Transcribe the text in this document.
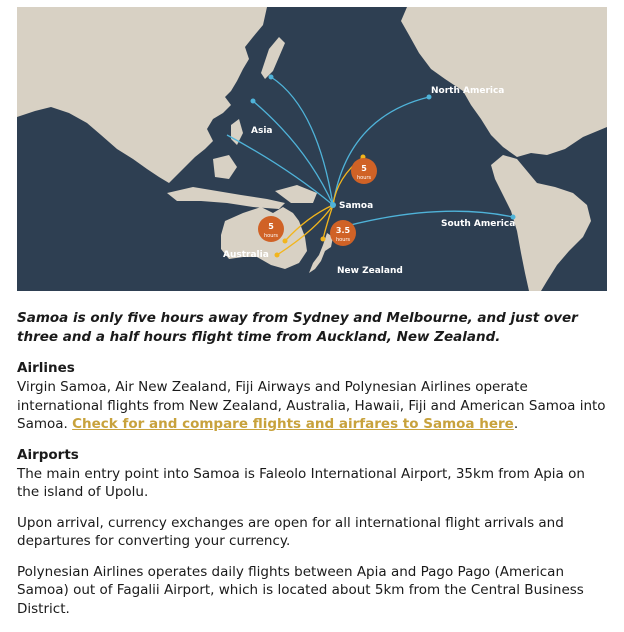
Asia
North America
Samoa
South America
Australia
New Zealand
5
hours
5
hours
3.5
hours

Samoa is only five hours away from Sydney and Melbourne, and just over three and a half hours flight time from Auckland, New Zealand.

Airlines

Virgin Samoa, Air New Zealand, Fiji Airways and Polynesian Airlines operate international flights from New Zealand, Australia, Hawaii, Fiji and American Samoa into Samoa. Check for and compare flights and airfares to Samoa here.

Airports

The main entry point into Samoa is Faleolo International Airport, 35km from Apia on the island of Upolu.

Upon arrival, currency exchanges are open for all international flight arrivals and departures for converting your currency.

Polynesian Airlines operates daily flights between Apia and Pago Pago (American Samoa) out of Fagalii Airport, which is located about 5km from the Central Business District.
